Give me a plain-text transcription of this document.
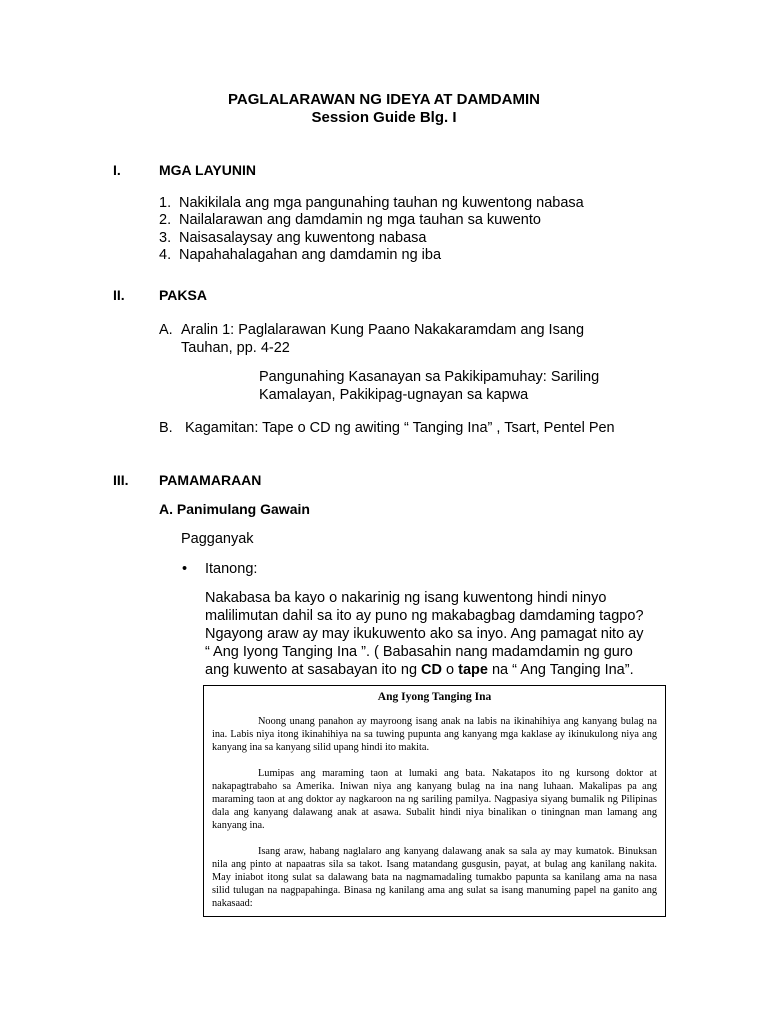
PAGLALARAWAN NG IDEYA AT DAMDAMIN
Session Guide Blg. I
I.	MGA LAYUNIN
1. Nakikilala ang mga pangunahing tauhan ng kuwentong nabasa
2. Nailalarawan ang damdamin ng mga tauhan sa kuwento
3. Naisasalaysay ang kuwentong nabasa
4. Napahahalagahan ang damdamin ng iba
II. PAKSA
A. Aralin 1: Paglalarawan Kung Paano Nakakaramdam ang Isang
Tauhan, pp. 4-22
Pangunahing Kasanayan sa Pakikipamuhay: Sariling
Kamalayan, Pakikipag-ugnayan sa kapwa
B. Kagamitan: Tape o CD ng awiting “ Tanging Ina” , Tsart, Pentel Pen
III. PAMAMARAAN
A. Panimulang Gawain
Pagganyak
• Itanong:
Nakabasa ba kayo o nakarinig ng isang kuwentong hindi ninyo
malilimutan dahil sa ito ay puno ng makabagbag damdaming tagpo?
Ngayong araw ay may ikukuwento ako sa inyo. Ang pamagat nito ay
“ Ang Iyong Tanging Ina ”. ( Babasahin nang madamdamin ng guro
ang kuwento at sasabayan ito ng CD o tape na “ Ang Tanging Ina”.
Ang Iyong Tanging Ina

Noong unang panahon ay mayroong isang anak na labis na ikinahihiya ang kanyang bulag na ina. Labis niya itong ikinahihiya na sa tuwing pupunta ang kanyang mga kaklase ay ikinukulong niya ang kanyang ina sa kanyang silid upang hindi ito makita.

Lumipas ang maraming taon at lumaki ang bata. Nakatapos ito ng kursong doktor at nakapagtrabaho sa Amerika. Iniwan niya ang kanyang bulag na ina nang luhaan. Makalipas pa ang maraming taon at ang doktor ay nagkaroon na ng sariling pamilya. Nagpasiya siyang bumalik ng Pilipinas dala ang kanyang dalawang anak at asawa. Subalit hindi niya binalikan o tiningnan man lamang ang kanyang ina.

Isang araw, habang naglalaro ang kanyang dalawang anak sa sala ay may kumatok. Binuksan nila ang pinto at napaatras sila sa takot. Isang matandang gusgusin, payat, at bulag ang kanilang nakita. May iniabot itong sulat sa dalawang bata na nagmamadaling tumakbo papunta sa kanilang ama na nasa silid tulugan na nagpapahinga. Binasa ng kanilang ama ang sulat sa isang manuming papel na ganito ang nakasaad:
